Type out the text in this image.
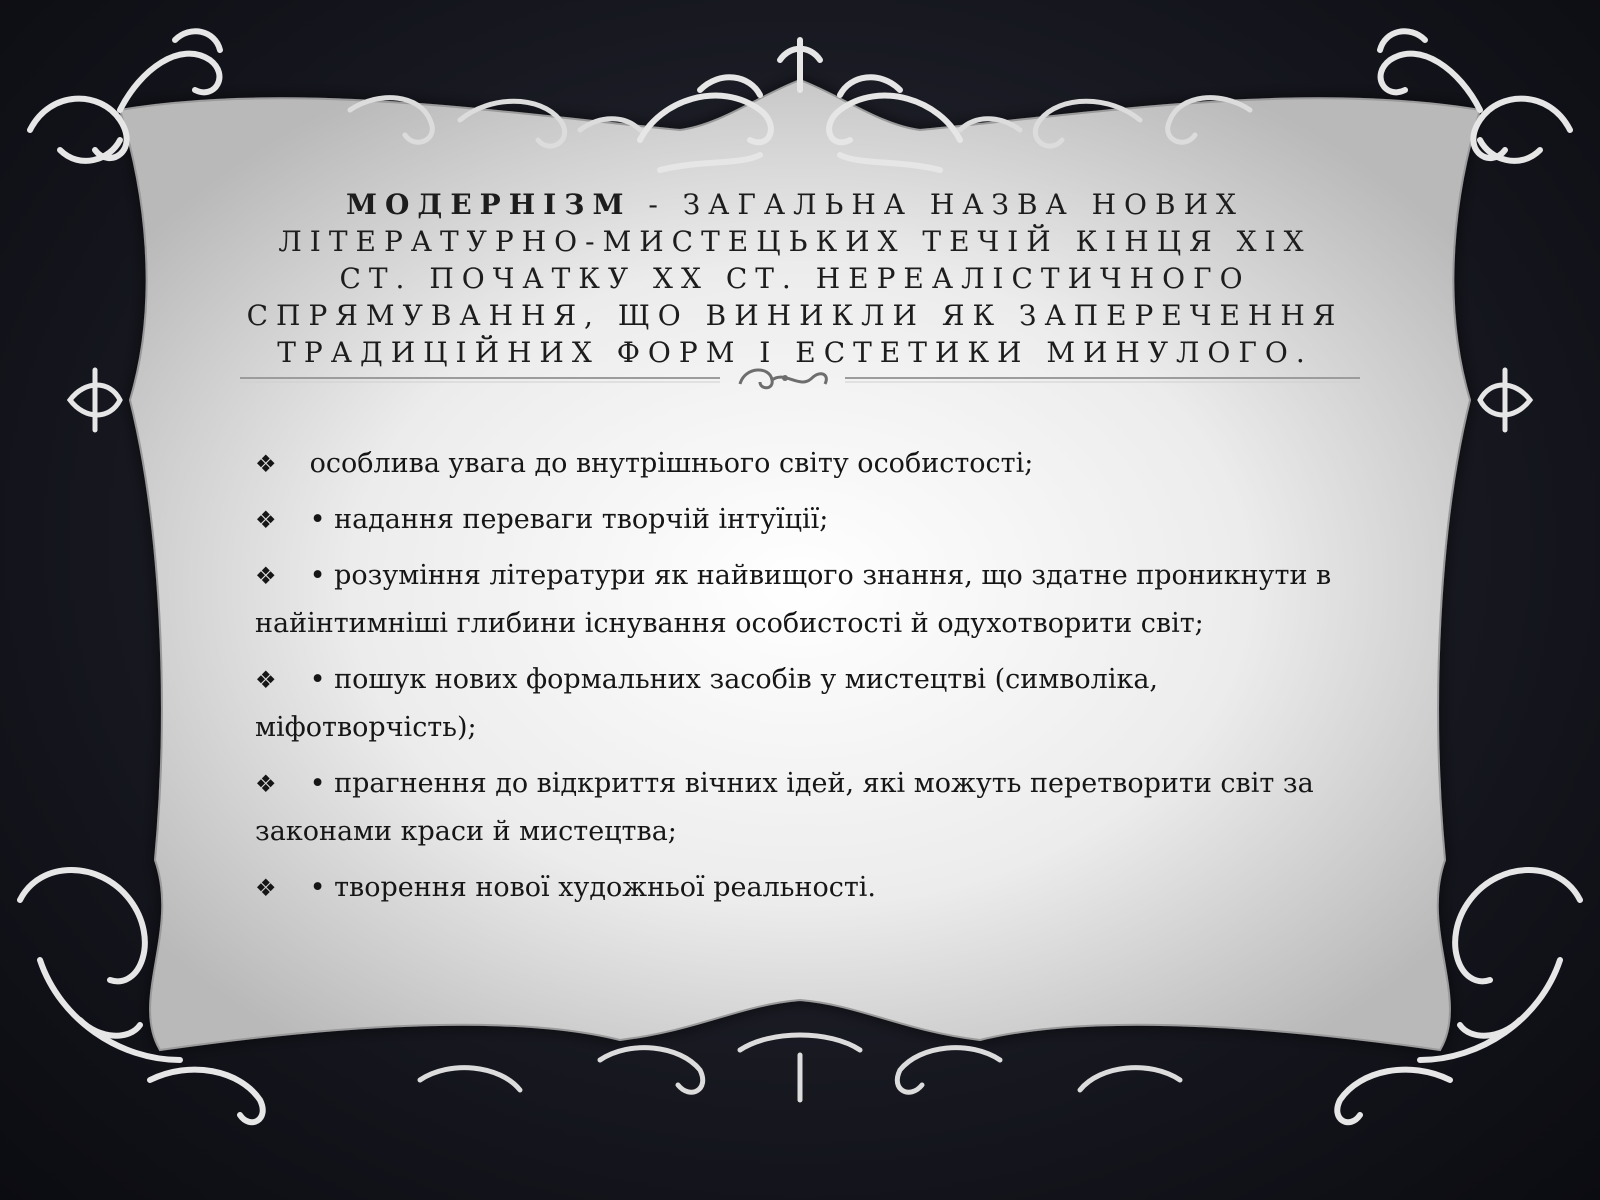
МОДЕРНІЗМ - ЗАГАЛЬНА НАЗВА НОВИХ ЛІТЕРАТУРНО-МИСТЕЦЬКИХ ТЕЧІЙ КІНЦЯ XIX СТ. ПОЧАТКУ XX СТ. НЕРЕАЛІСТИЧНОГО СПРЯМУВАННЯ, ЩО ВИНИКЛИ ЯК ЗАПЕРЕЧЕННЯ ТРАДИЦІЙНИХ ФОРМ І ЕСТЕТИКИ МИНУЛОГО.
❖ особлива увага до внутрішнього світу особистості;
❖ • надання переваги творчій інтуїції;
❖ • розуміння літератури як найвищого знання, що здатне проникнути в найінтимніші глибини існування особистості й одухотворити світ;
❖ • пошук нових формальних засобів у мистецтві (символіка, міфотворчість);
❖ • прагнення до відкриття вічних ідей, які можуть перетворити світ за законами краси й мистецтва;
❖ • творення нової художньої реальності.
